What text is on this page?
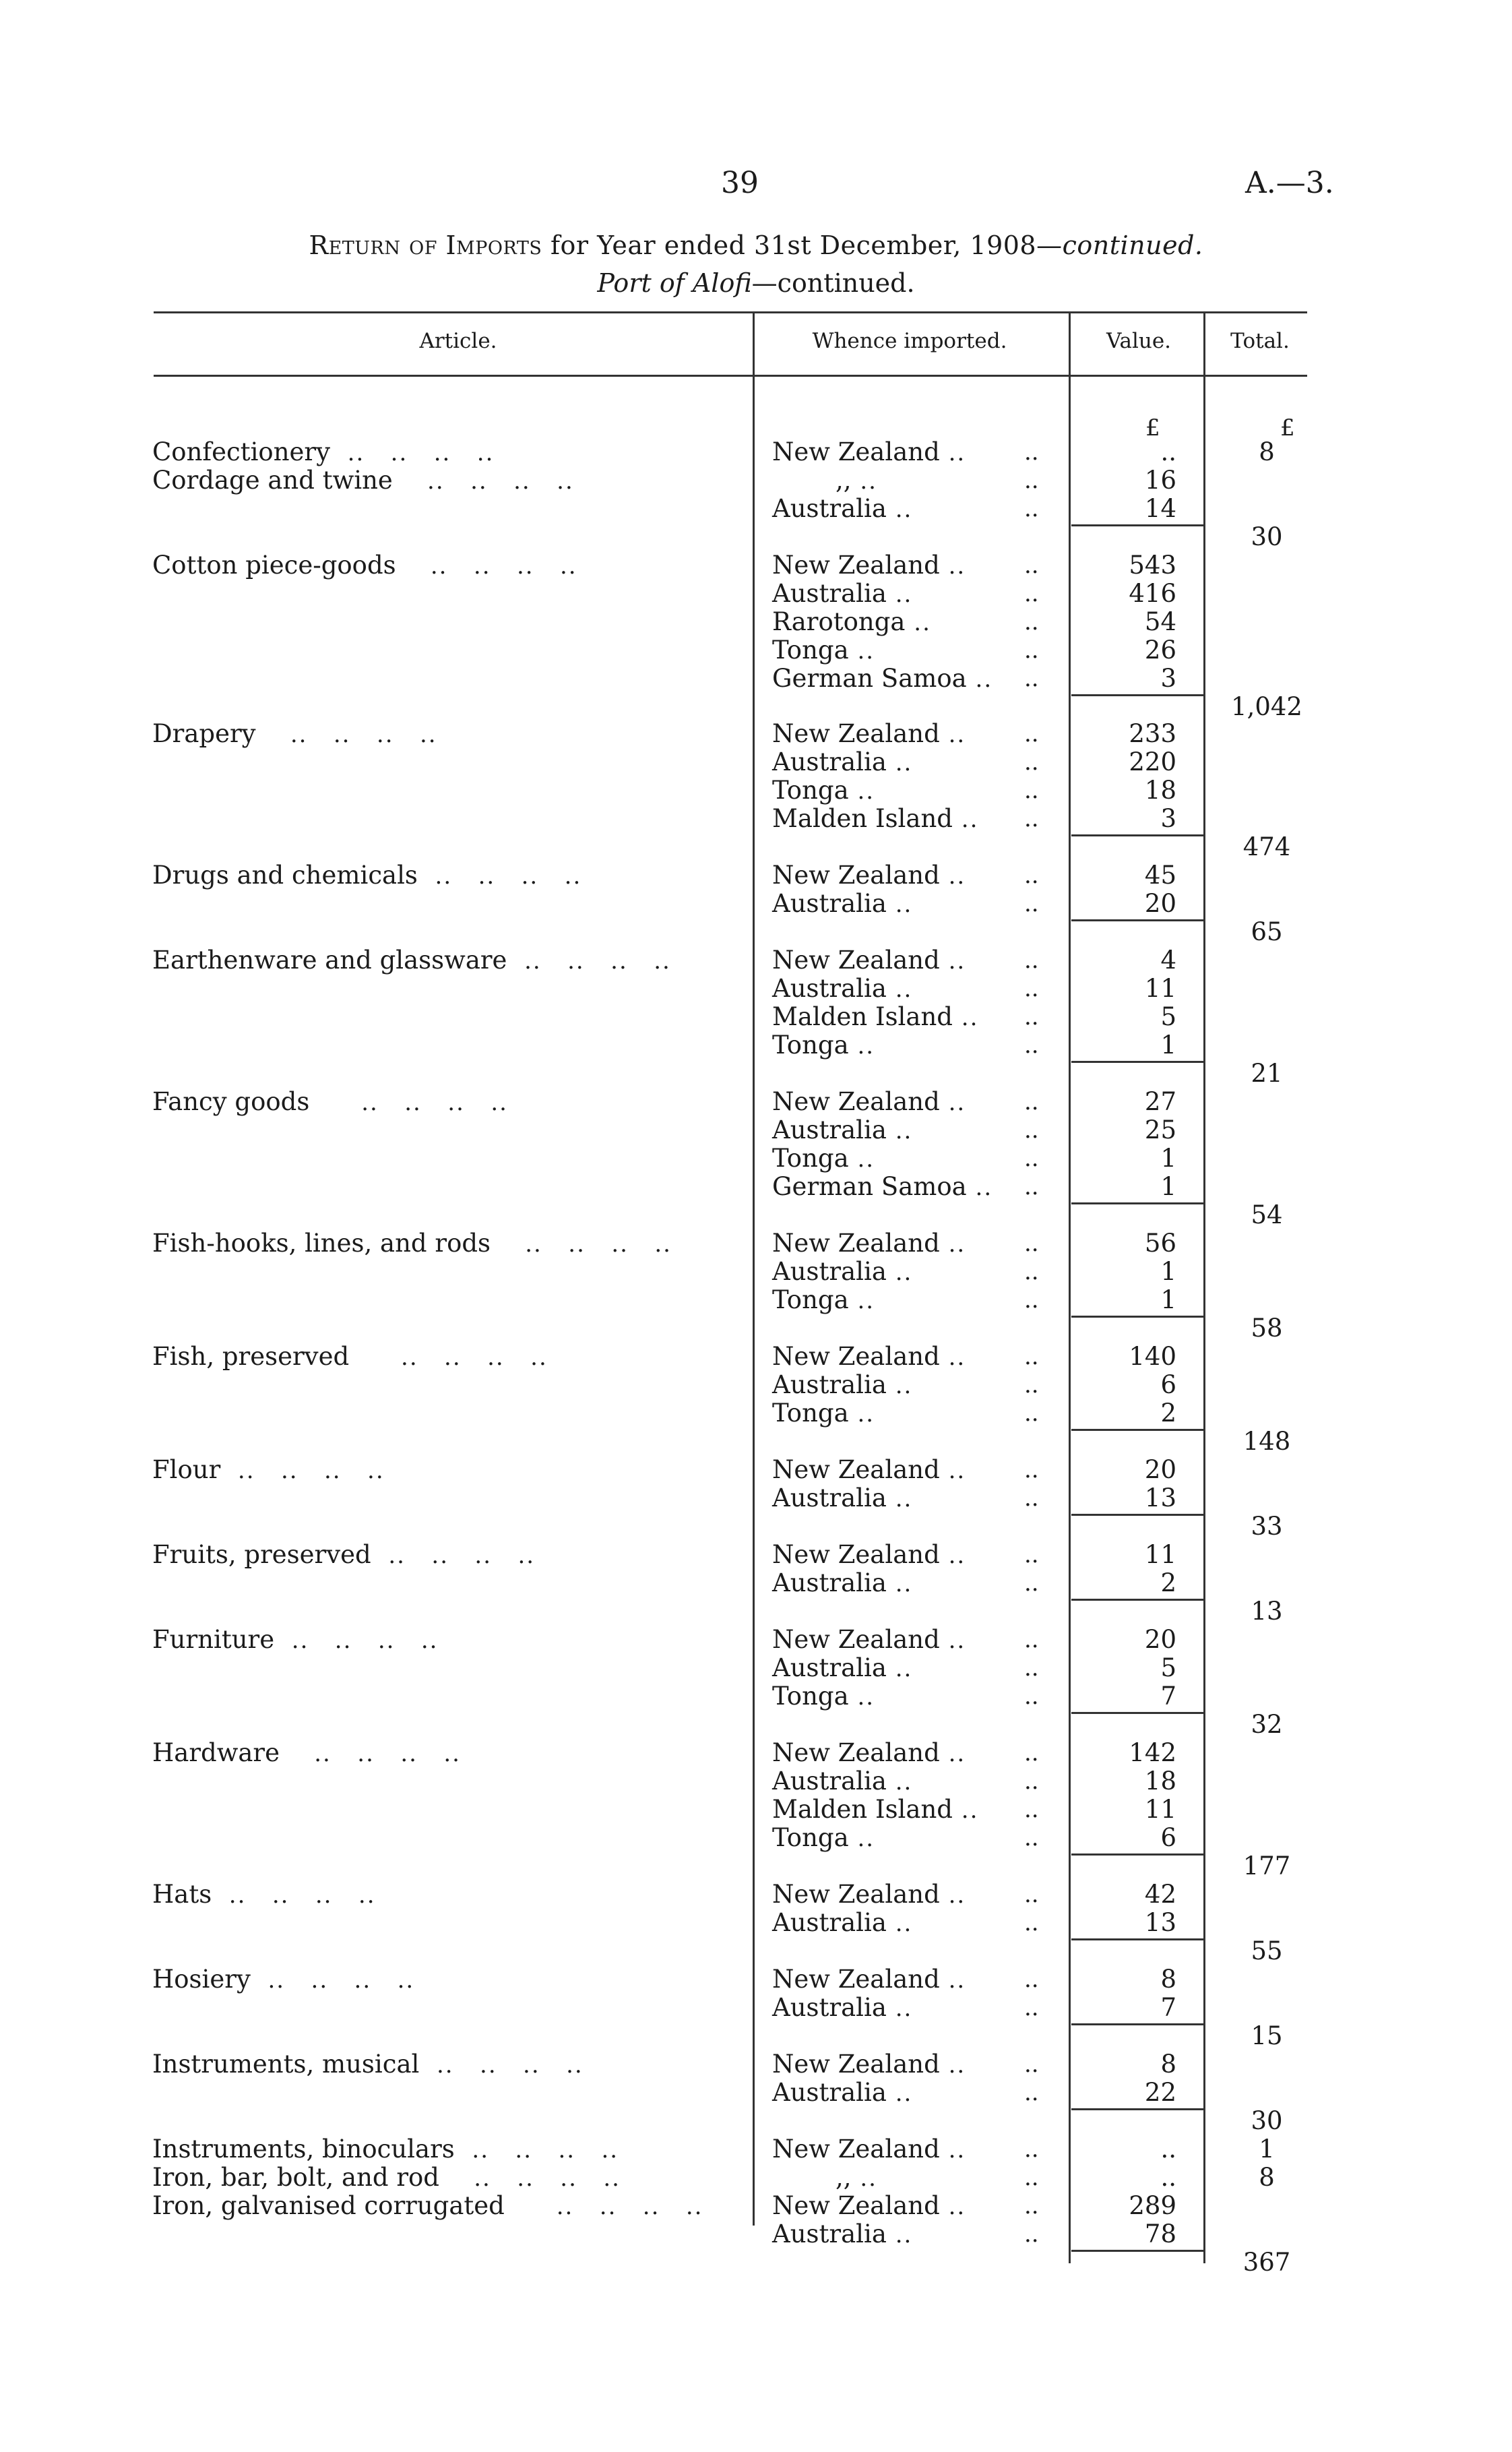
39	A.—3.
Return of Imports for Year ended 31st December, 1908—continued.
Port of Alofi—continued.
Article.	Whence imported.	Value.	Total.
£	£
Confectionery  ..   ..   ..   ..	New Zealand ..	..	..	8
Cordage and twine    ..   ..   ..   ..	,, ..	..	16
Australia ..	..	14
30
Cotton piece-goods    ..   ..   ..   ..	New Zealand ..	..	543
Australia ..	..	416
Rarotonga ..	..	54
Tonga ..	..	26
German Samoa ..	..	3
1,042
Drapery    ..   ..   ..   ..	New Zealand ..	..	233
Australia ..	..	220
Tonga ..	..	18
Malden Island ..	..	3
474
Drugs and chemicals  ..   ..   ..   ..	New Zealand ..	..	45
Australia ..	..	20
65
Earthenware and glassware  ..   ..   ..   ..	New Zealand ..	..	4
Australia ..	..	11
Malden Island ..	..	5
Tonga ..	..	1
21
Fancy goods      ..   ..   ..   ..	New Zealand ..	..	27
Australia ..	..	25
Tonga ..	..	1
German Samoa ..	..	1
54
Fish-hooks, lines, and rods    ..   ..   ..   ..	New Zealand ..	..	56
Australia ..	..	1
Tonga ..	..	1
58
Fish, preserved      ..   ..   ..   ..	New Zealand ..	..	140
Australia ..	..	6
Tonga ..	..	2
148
Flour  ..   ..   ..   ..	New Zealand ..	..	20
Australia ..	..	13
33
Fruits, preserved  ..   ..   ..   ..	New Zealand ..	..	11
Australia ..	..	2
13
Furniture  ..   ..   ..   ..	New Zealand ..	..	20
Australia ..	..	5
Tonga ..	..	7
32
Hardware    ..   ..   ..   ..	New Zealand ..	..	142
Australia ..	..	18
Malden Island ..	..	11
Tonga ..	..	6
177
Hats  ..   ..   ..   ..	New Zealand ..	..	42
Australia ..	..	13
55
Hosiery  ..   ..   ..   ..	New Zealand ..	..	8
Australia ..	..	7
15
Instruments, musical  ..   ..   ..   ..	New Zealand ..	..	8
Australia ..	..	22
30
Instruments, binoculars  ..   ..   ..   ..	New Zealand ..	..	..	1
Iron, bar, bolt, and rod    ..   ..   ..   ..	,, ..	..	..	8
Iron, galvanised corrugated      ..   ..   ..   ..	New Zealand ..	..	289
Australia ..	..	78
367
